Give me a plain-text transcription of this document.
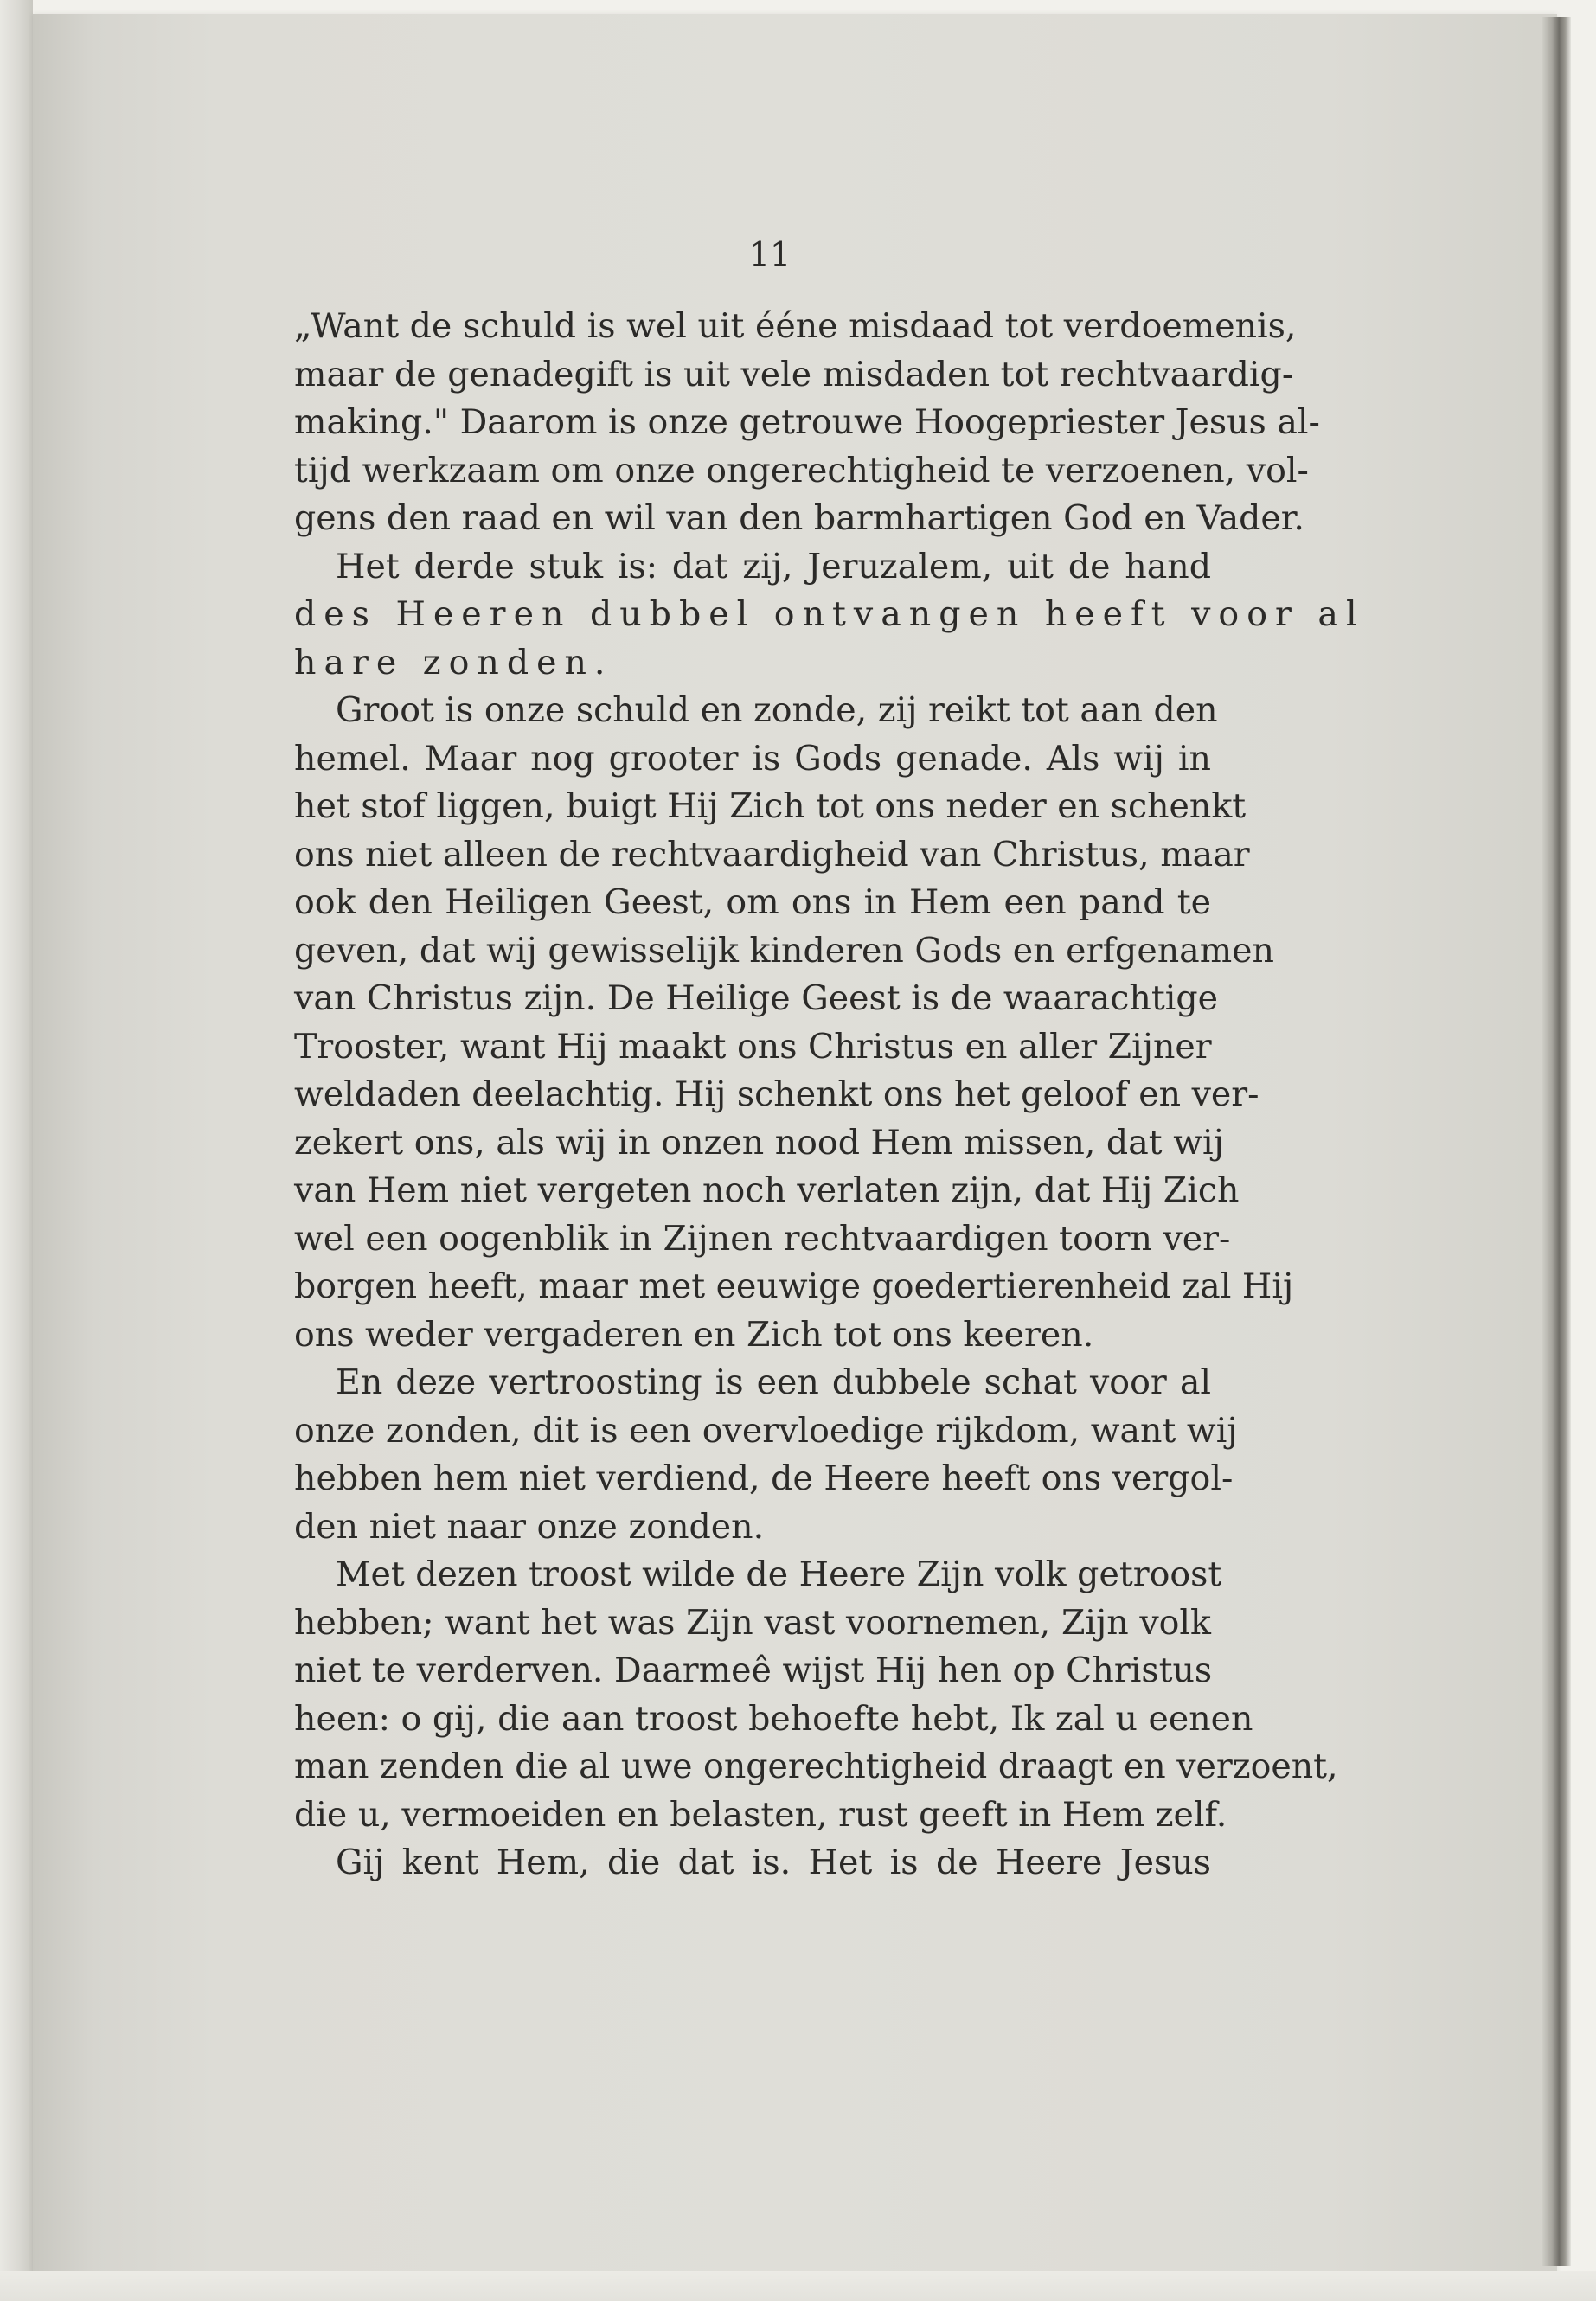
11
„Want de schuld is wel uit ééne misdaad tot verdoemenis,
maar de genadegift is uit vele misdaden tot rechtvaardig-
making." Daarom is onze getrouwe Hoogepriester Jesus al-
tijd werkzaam om onze ongerechtigheid te verzoenen, vol-
gens den raad en wil van den barmhartigen God en Vader.
Het derde stuk is: dat zij, Jeruzalem, uit de hand
des Heeren dubbel ontvangen heeft voor al
hare zonden.
Groot is onze schuld en zonde, zij reikt tot aan den
hemel. Maar nog grooter is Gods genade. Als wij in
het stof liggen, buigt Hij Zich tot ons neder en schenkt
ons niet alleen de rechtvaardigheid van Christus, maar
ook den Heiligen Geest, om ons in Hem een pand te
geven, dat wij gewisselijk kinderen Gods en erfgenamen
van Christus zijn. De Heilige Geest is de waarachtige
Trooster, want Hij maakt ons Christus en aller Zijner
weldaden deelachtig. Hij schenkt ons het geloof en ver-
zekert ons, als wij in onzen nood Hem missen, dat wij
van Hem niet vergeten noch verlaten zijn, dat Hij Zich
wel een oogenblik in Zijnen rechtvaardigen toorn ver-
borgen heeft, maar met eeuwige goedertierenheid zal Hij
ons weder vergaderen en Zich tot ons keeren.
En deze vertroosting is een dubbele schat voor al
onze zonden, dit is een overvloedige rijkdom, want wij
hebben hem niet verdiend, de Heere heeft ons vergol-
den niet naar onze zonden.
Met dezen troost wilde de Heere Zijn volk getroost
hebben; want het was Zijn vast voornemen, Zijn volk
niet te verderven. Daarmeê wijst Hij hen op Christus
heen: o gij, die aan troost behoefte hebt, Ik zal u eenen
man zenden die al uwe ongerechtigheid draagt en verzoent,
die u, vermoeiden en belasten, rust geeft in Hem zelf.
Gij kent Hem, die dat is. Het is de Heere Jesus
